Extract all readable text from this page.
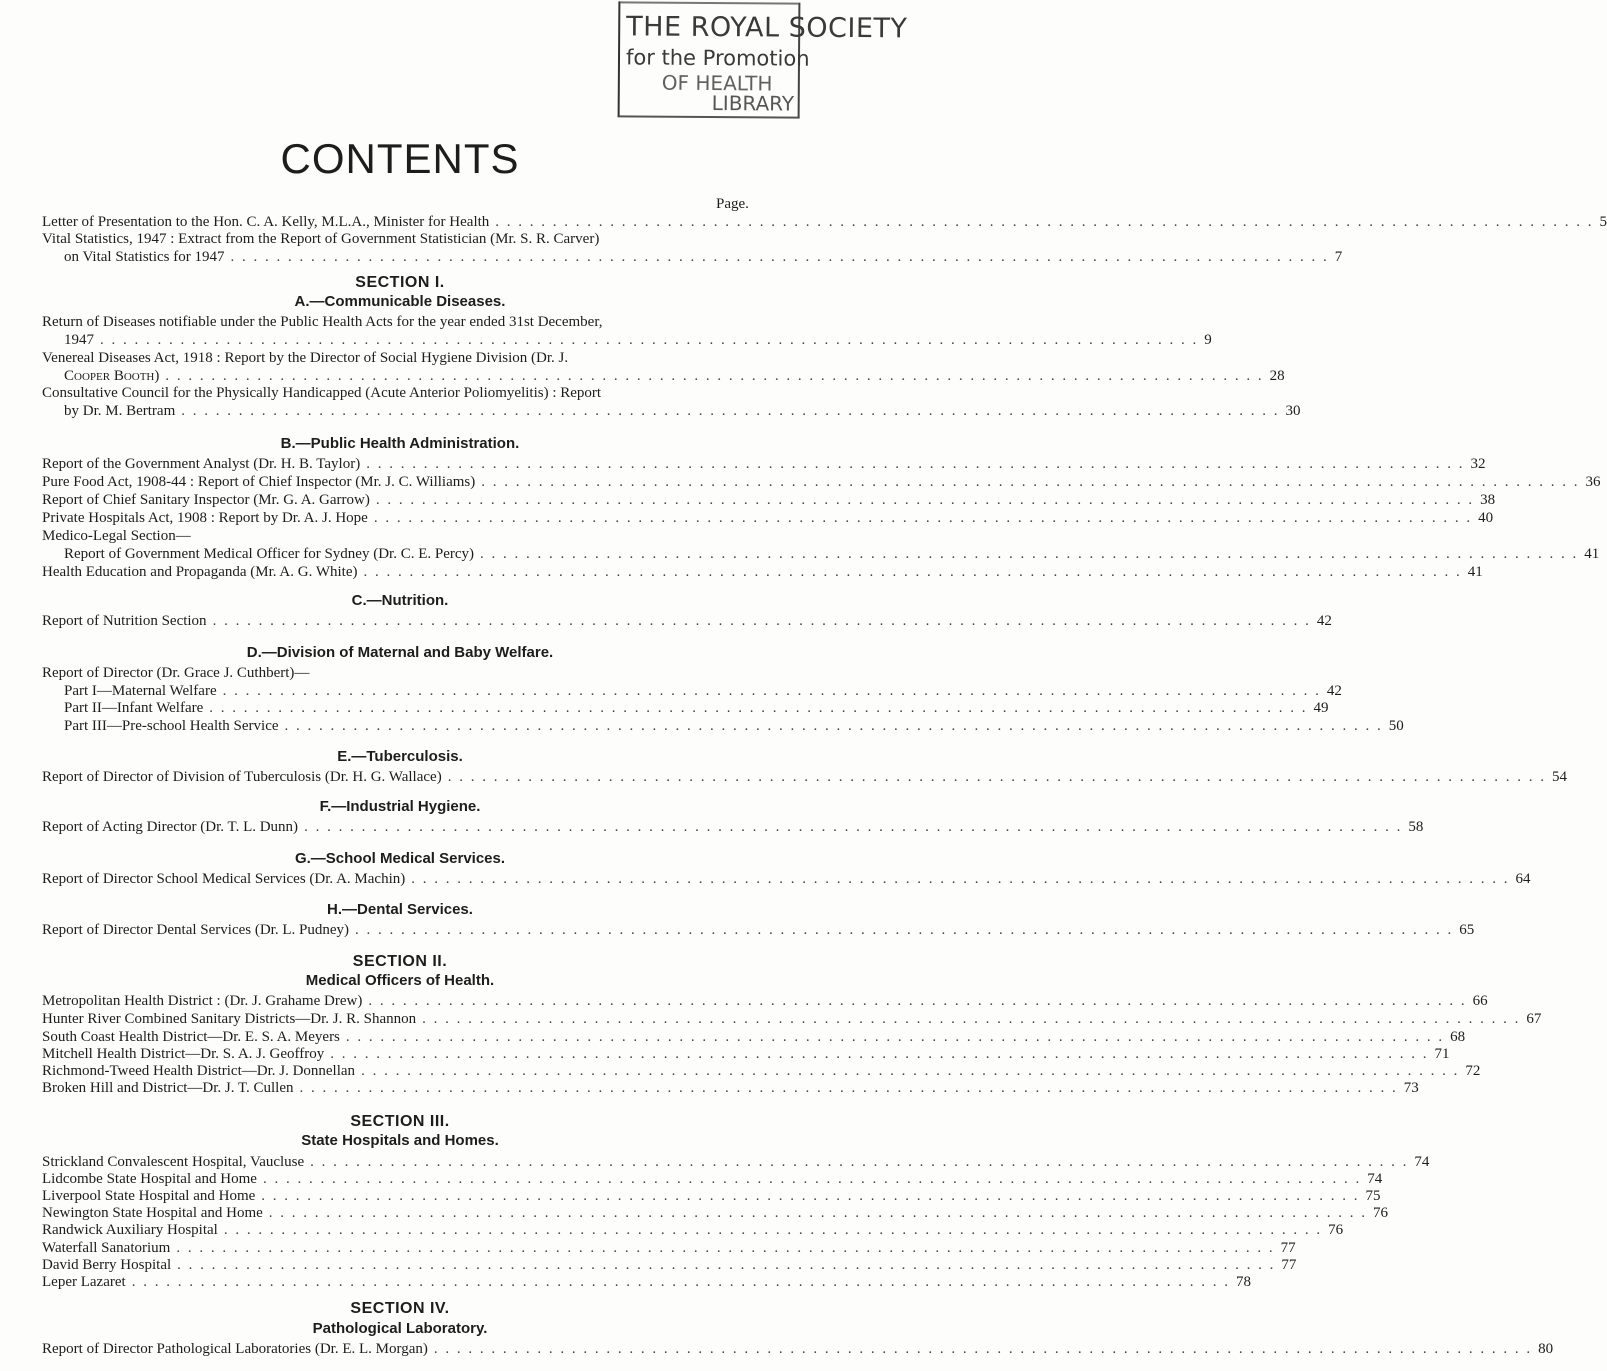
THE ROYAL SOCIETY
for the Promotion
OF HEALTH
LIBRARY
CONTENTS
Page.
Letter of Presentation to the Hon. C. A. Kelly, M.L.A., Minister for Health . . .	5
Vital Statistics, 1947 : Extract from the Report of Government Statistician (Mr. S. R. Carver)
on Vital Statistics for 1947 . . .	7
SECTION I.
A.—Communicable Diseases.
Return of Diseases notifiable under the Public Health Acts for the year ended 31st December,
1947 . . .	9
Venereal Diseases Act, 1918 : Report by the Director of Social Hygiene Division (Dr. J.
Cooper Booth) . . .	28
Consultative Council for the Physically Handicapped (Acute Anterior Poliomyelitis) : Report
by Dr. M. Bertram . . .	30
B.—Public Health Administration.
Report of the Government Analyst (Dr. H. B. Taylor) . . .	32
Pure Food Act, 1908-44 : Report of Chief Inspector (Mr. J. C. Williams) . . .	36
Report of Chief Sanitary Inspector (Mr. G. A. Garrow) . . .	38
Private Hospitals Act, 1908 : Report by Dr. A. J. Hope . . .	40
Medico-Legal Section—
Report of Government Medical Officer for Sydney (Dr. C. E. Percy) . . .	41
Health Education and Propaganda (Mr. A. G. White) . . .	41
C.—Nutrition.
Report of Nutrition Section . . .	42
D.—Division of Maternal and Baby Welfare.
Report of Director (Dr. Grace J. Cuthbert)—
Part I—Maternal Welfare . . .	42
Part II—Infant Welfare . . .	49
Part III—Pre-school Health Service . . .	50
E.—Tuberculosis.
Report of Director of Division of Tuberculosis (Dr. H. G. Wallace) . . .	54
F.—Industrial Hygiene.
Report of Acting Director (Dr. T. L. Dunn) . . .	58
G.—School Medical Services.
Report of Director School Medical Services (Dr. A. Machin) . . .	64
H.—Dental Services.
Report of Director Dental Services (Dr. L. Pudney) . . .	65
SECTION II.
Medical Officers of Health.
Metropolitan Health District : (Dr. J. Grahame Drew) . . .	66
Hunter River Combined Sanitary Districts—Dr. J. R. Shannon . . .	67
South Coast Health District—Dr. E. S. A. Meyers . . .	68
Mitchell Health District—Dr. S. A. J. Geoffroy . . .	71
Richmond-Tweed Health District—Dr. J. Donnellan . . .	72
Broken Hill and District—Dr. J. T. Cullen . . .	73
SECTION III.
State Hospitals and Homes.
Strickland Convalescent Hospital, Vaucluse . . .	74
Lidcombe State Hospital and Home . . .	74
Liverpool State Hospital and Home . . .	75
Newington State Hospital and Home . . .	76
Randwick Auxiliary Hospital . . .	76
Waterfall Sanatorium . . .	77
David Berry Hospital . . .	77
Leper Lazaret . . .	78
SECTION IV.
Pathological Laboratory.
Report of Director Pathological Laboratories (Dr. E. L. Morgan) . . .	80
